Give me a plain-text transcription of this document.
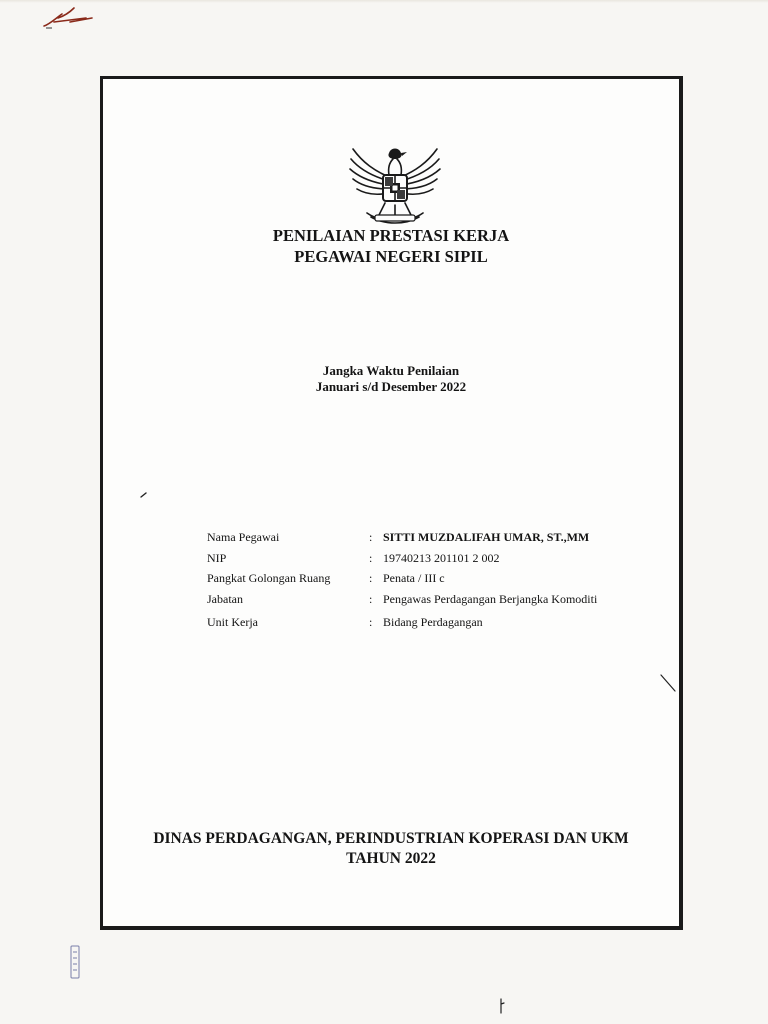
PENILAIAN PRESTASI KERJA
PEGAWAI NEGERI SIPIL
Jangka Waktu Penilaian
Januari s/d Desember 2022
Nama Pegawai	: SITTI MUZDALIFAH UMAR, ST.,MM
NIP	: 19740213 201101 2 002
Pangkat Golongan Ruang	: Penata / III c
Jabatan	: Pengawas Perdagangan Berjangka Komoditi
Unit Kerja	: Bidang Perdagangan
DINAS PERDAGANGAN, PERINDUSTRIAN KOPERASI DAN UKM
TAHUN 2022
